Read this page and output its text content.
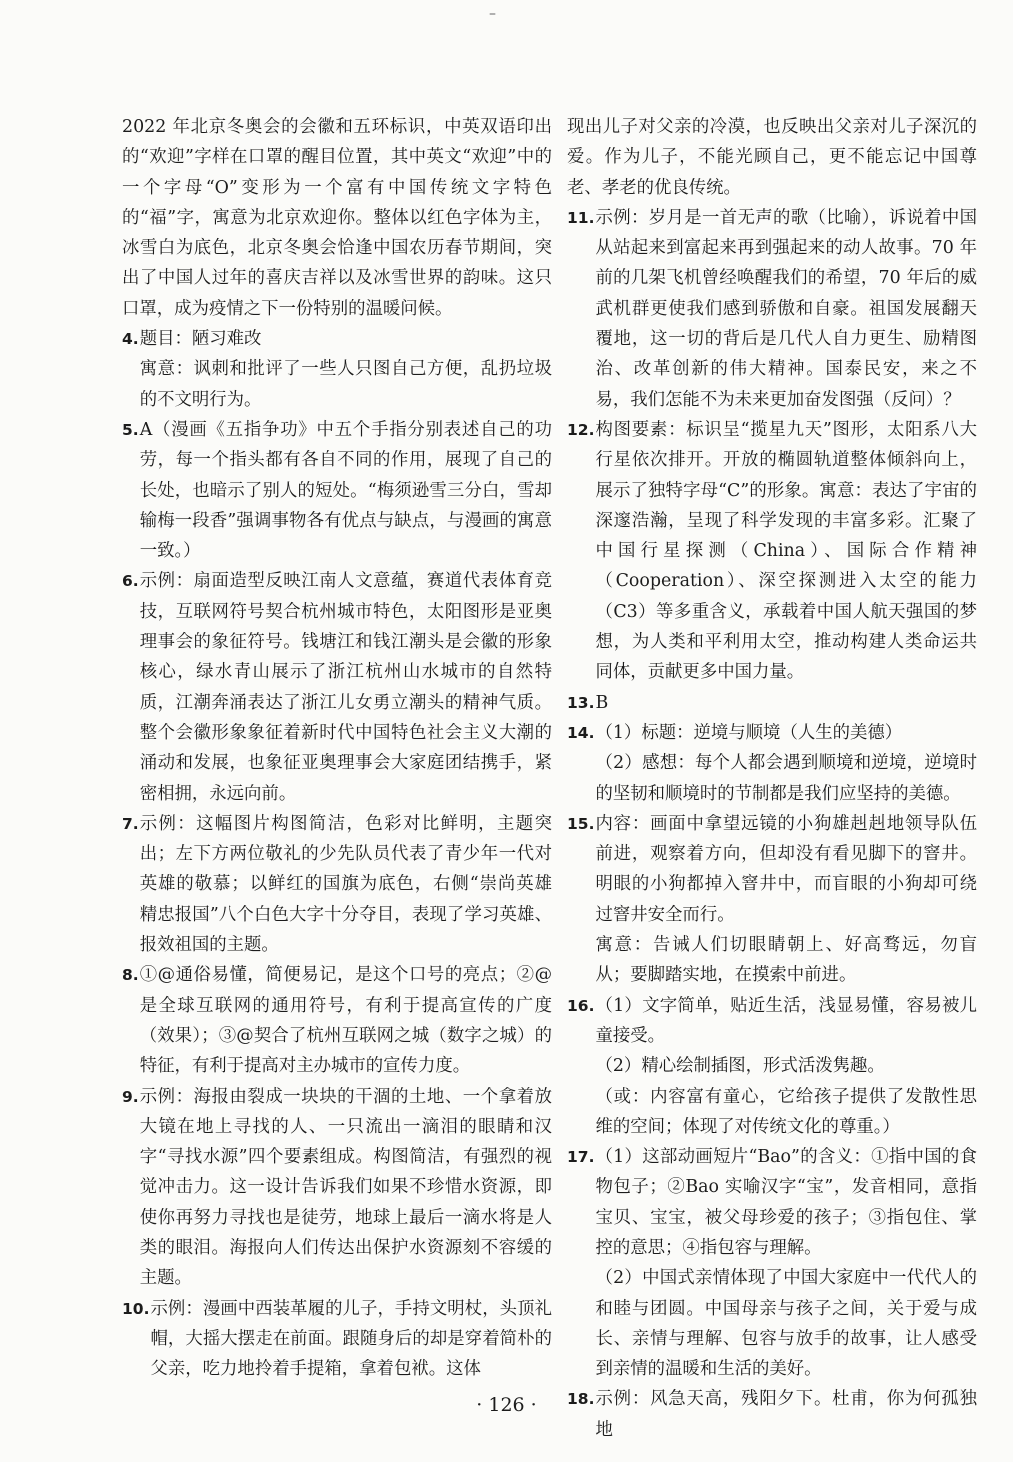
–
2022 年北京冬奥会的会徽和五环标识，中英双语印出的“欢迎”字样在口罩的醒目位置，其中英文“欢迎”中的一个字母“O”变形为一个富有中国传统文字特色的“福”字，寓意为北京欢迎你。整体以红色字体为主，冰雪白为底色，北京冬奥会恰逢中国农历春节期间，突出了中国人过年的喜庆吉祥以及冰雪世界的韵味。这只口罩，成为疫情之下一份特别的温暖问候。
4. 题目：陋习难改
寓意：讽刺和批评了一些人只图自己方便，乱扔垃圾的不文明行为。
5. A（漫画《五指争功》中五个手指分别表述自己的功劳，每一个指头都有各自不同的作用，展现了自己的长处，也暗示了别人的短处。“梅须逊雪三分白，雪却输梅一段香”强调事物各有优点与缺点，与漫画的寓意一致。）
6. 示例：扇面造型反映江南人文意蕴，赛道代表体育竞技，互联网符号契合杭州城市特色，太阳图形是亚奥理事会的象征符号。钱塘江和钱江潮头是会徽的形象核心，绿水青山展示了浙江杭州山水城市的自然特质，江潮奔涌表达了浙江儿女勇立潮头的精神气质。整个会徽形象象征着新时代中国特色社会主义大潮的涌动和发展，也象征亚奥理事会大家庭团结携手，紧密相拥，永远向前。
7. 示例：这幅图片构图简洁，色彩对比鲜明，主题突出；左下方两位敬礼的少先队员代表了青少年一代对英雄的敬慕；以鲜红的国旗为底色，右侧“崇尚英雄　精忠报国”八个白色大字十分夺目，表现了学习英雄、报效祖国的主题。
8. ①@通俗易懂，简便易记，是这个口号的亮点；②@是全球互联网的通用符号，有利于提高宣传的广度（效果）；③@契合了杭州互联网之城（数字之城）的特征，有利于提高对主办城市的宣传力度。
9. 示例：海报由裂成一块块的干涸的土地、一个拿着放大镜在地上寻找的人、一只流出一滴泪的眼睛和汉字“寻找水源”四个要素组成。构图简洁，有强烈的视觉冲击力。这一设计告诉我们如果不珍惜水资源，即使你再努力寻找也是徒劳，地球上最后一滴水将是人类的眼泪。海报向人们传达出保护水资源刻不容缓的主题。
10. 示例：漫画中西装革履的儿子，手持文明杖，头顶礼帽，大摇大摆走在前面。跟随身后的却是穿着简朴的父亲，吃力地拎着手提箱，拿着包袱。这体
现出儿子对父亲的冷漠，也反映出父亲对儿子深沉的爱。作为儿子，不能光顾自己，更不能忘记中国尊老、孝老的优良传统。
11. 示例：岁月是一首无声的歌（比喻），诉说着中国从站起来到富起来再到强起来的动人故事。70 年前的几架飞机曾经唤醒我们的希望，70 年后的威武机群更使我们感到骄傲和自豪。祖国发展翻天覆地，这一切的背后是几代人自力更生、励精图治、改革创新的伟大精神。国泰民安，来之不易，我们怎能不为未来更加奋发图强（反问）？
12. 构图要素：标识呈“揽星九天”图形，太阳系八大行星依次排开。开放的椭圆轨道整体倾斜向上，展示了独特字母“C”的形象。寓意：表达了宇宙的深邃浩瀚，呈现了科学发现的丰富多彩。汇聚了中国行星探测（China）、国际合作精神（Cooperation）、深空探测进入太空的能力（C3）等多重含义，承载着中国人航天强国的梦想，为人类和平利用太空，推动构建人类命运共同体，贡献更多中国力量。
13. B
14. （1）标题：逆境与顺境（人生的美德）
（2）感想：每个人都会遇到顺境和逆境，逆境时的坚韧和顺境时的节制都是我们应坚持的美德。
15. 内容：画面中拿望远镜的小狗雄赳赳地领导队伍前进，观察着方向，但却没有看见脚下的窨井。明眼的小狗都掉入窨井中，而盲眼的小狗却可绕过窨井安全而行。
寓意：告诫人们切眼睛朝上、好高骛远，勿盲从；要脚踏实地，在摸索中前进。
16. （1）文字简单，贴近生活，浅显易懂，容易被儿童接受。
（2）精心绘制插图，形式活泼隽趣。
（或：内容富有童心，它给孩子提供了发散性思维的空间；体现了对传统文化的尊重。）
17. （1）这部动画短片“Bao”的含义：①指中国的食物包子；②Bao 实喻汉字“宝”，发音相同，意指宝贝、宝宝，被父母珍爱的孩子；③指包住、掌控的意思；④指包容与理解。
（2）中国式亲情体现了中国大家庭中一代代人的和睦与团圆。中国母亲与孩子之间，关于爱与成长、亲情与理解、包容与放手的故事，让人感受到亲情的温暖和生活的美好。
18. 示例：风急天高，残阳夕下。杜甫，你为何孤独地
· 126 ·
